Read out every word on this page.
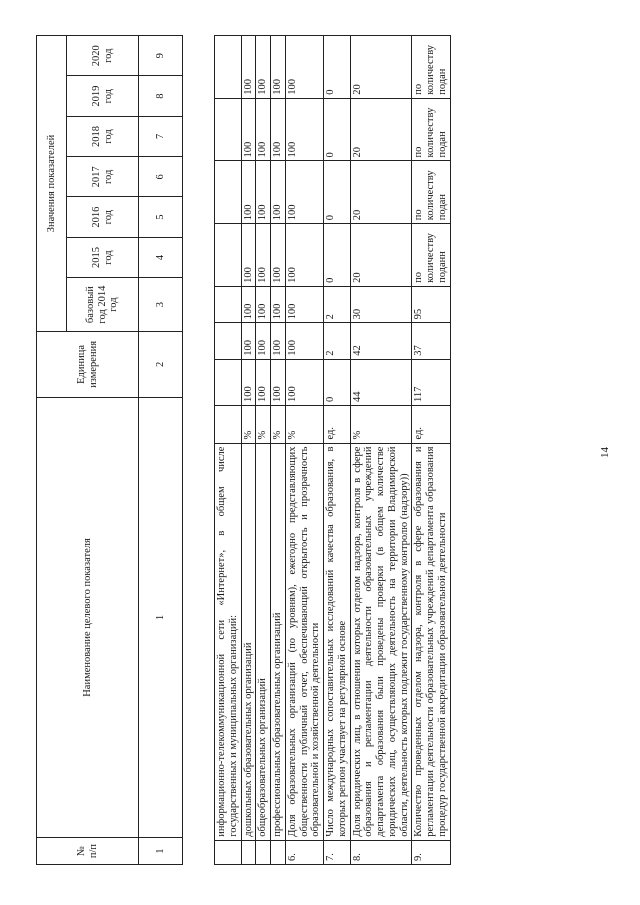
14
№ п/п	Наименование целевого показателя	Единица измерения	Значения показателей						
			базовый год 2014 год	2015 год	2016 год	2017 год	2018 год	2019 год	2020 год
1	1	2	3	4	5	6	7	8	9
	информационно-телекоммуникационной сети «Интернет», в общем числе государственных и муниципальных организаций:								
	дошкольных образовательных организаций	%	100	100	100	100	100	100	100
	общеобразовательных организаций	%	100	100	100	100	100	100	100
	профессиональных образовательных организаций	%	100	100	100	100	100	100	100
6.	Доля образовательных организаций (по уровням), ежегодно представляющих общественности публичный отчет, обеспечивающий открытость и прозрачность образовательной и хозяйственной деятельности	%	100	100	100	100	100	100	100
7.	Число международных сопоставительных исследований качества образования, в которых регион участвует на регулярной основе	ед.	0	2	2	0	0	0	0
8.	Доля юридических лиц, в отношении которых отделом надзора, контроля в сфере образования и регламентации деятельности образовательных учреждений департамента образования были проведены проверки (в общем количестве юридических лиц, осуществляющих деятельность на территории Владимирской области, деятельность которых подлежит государственному контролю (надзору))	%	44	42	30	20	20	20	20
9.	Количество проведенных отделом надзора, контроля в сфере образования и регламентации деятельности образовательных учреждений департамента образования процедур государственной аккредитации образовательной деятельности	ед.	117	37	95	по количеству поданн	по количеству подан	по количеству подан	по количеству подан
